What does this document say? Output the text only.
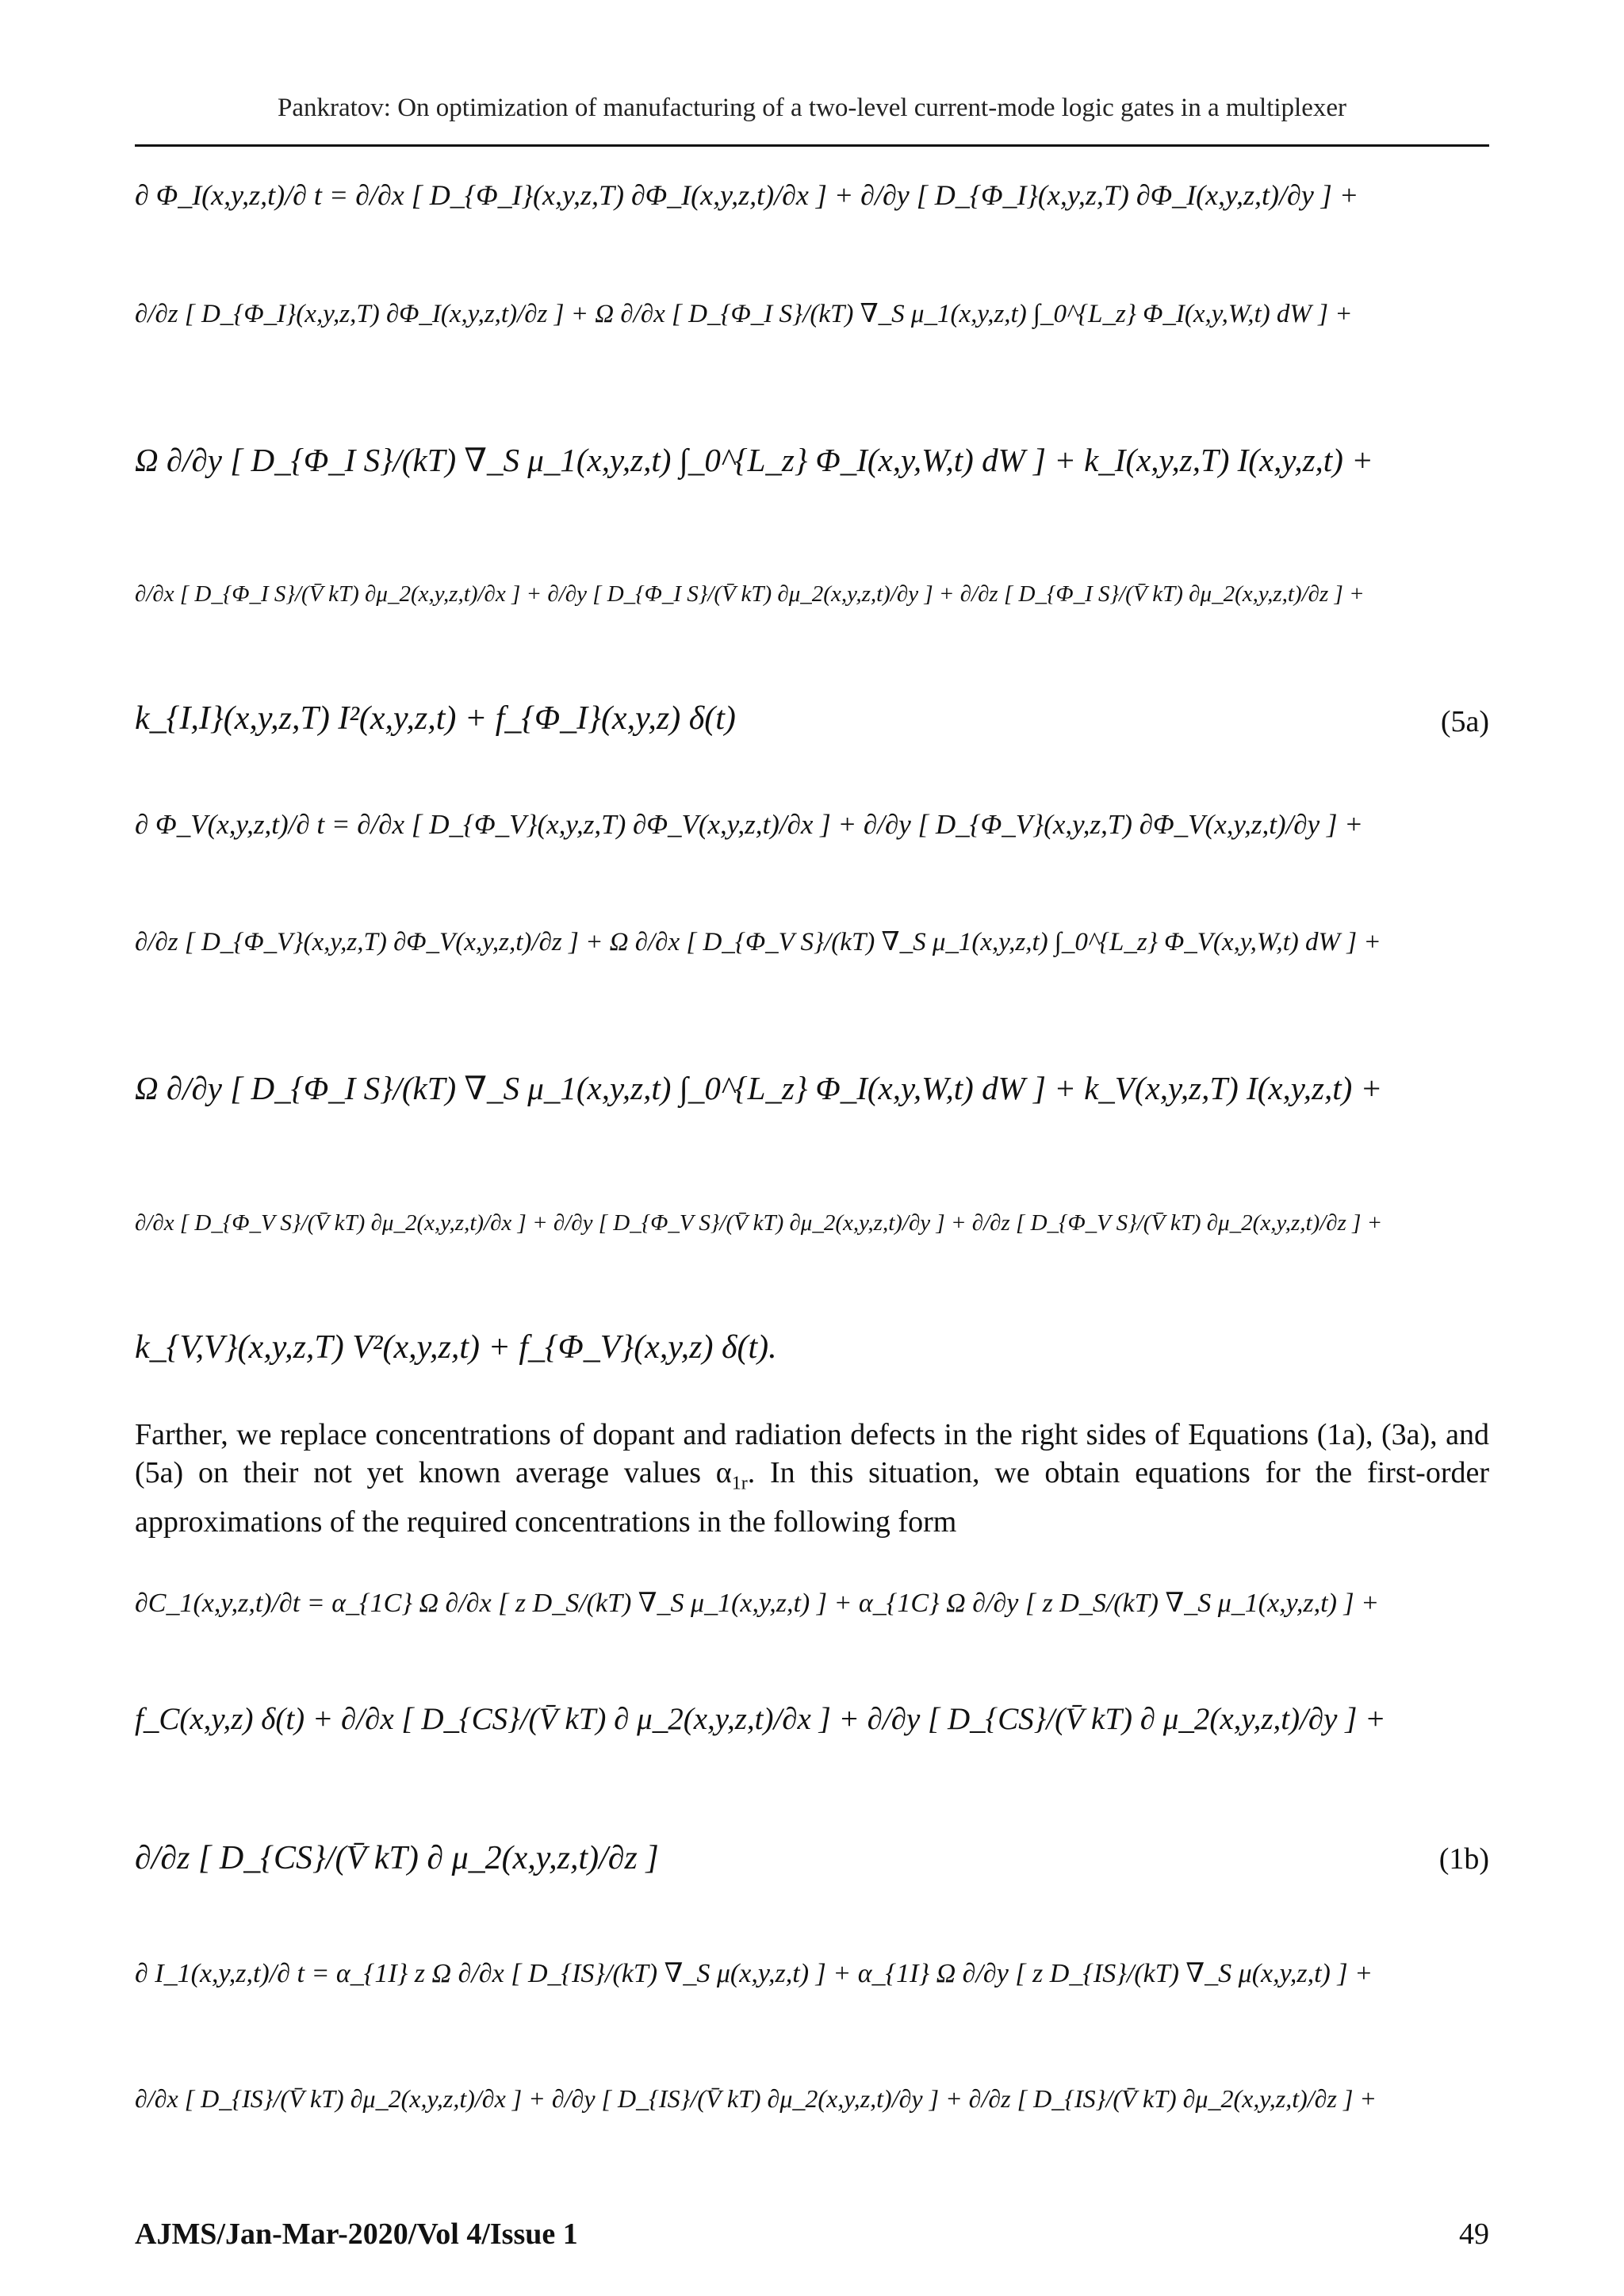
Pankratov: On optimization of manufacturing of a two-level current-mode logic gates in a multiplexer
∂ Φ_I(x,y,z,t)/∂ t = ∂/∂x [ D_{Φ_I}(x,y,z,T) ∂Φ_I(x,y,z,t)/∂x ] + ∂/∂y [ D_{Φ_I}(x,y,z,T) ∂Φ_I(x,y,z,t)/∂y ] +
∂/∂z [ D_{Φ_I}(x,y,z,T) ∂Φ_I(x,y,z,t)/∂z ] + Ω ∂/∂x [ D_{Φ_I S}/(kT) ∇_S μ_1(x,y,z,t) ∫_0^{L_z} Φ_I(x,y,W,t) dW ] +
Ω ∂/∂y [ D_{Φ_I S}/(kT) ∇_S μ_1(x,y,z,t) ∫_0^{L_z} Φ_I(x,y,W,t) dW ] + k_I(x,y,z,T) I(x,y,z,t) +
∂/∂x [ D_{Φ_I S}/(V̄ kT) ∂μ_2(x,y,z,t)/∂x ] + ∂/∂y [ D_{Φ_I S}/(V̄ kT) ∂μ_2(x,y,z,t)/∂y ] + ∂/∂z [ D_{Φ_I S}/(V̄ kT) ∂μ_2(x,y,z,t)/∂z ] +
k_{I,I}(x,y,z,T) I²(x,y,z,t) + f_{Φ_I}(x,y,z) δ(t)	(5a)
∂ Φ_V(x,y,z,t)/∂ t = ∂/∂x [ D_{Φ_V}(x,y,z,T) ∂Φ_V(x,y,z,t)/∂x ] + ∂/∂y [ D_{Φ_V}(x,y,z,T) ∂Φ_V(x,y,z,t)/∂y ] +
∂/∂z [ D_{Φ_V}(x,y,z,T) ∂Φ_V(x,y,z,t)/∂z ] + Ω ∂/∂x [ D_{Φ_V S}/(kT) ∇_S μ_1(x,y,z,t) ∫_0^{L_z} Φ_V(x,y,W,t) dW ] +
Ω ∂/∂y [ D_{Φ_I S}/(kT) ∇_S μ_1(x,y,z,t) ∫_0^{L_z} Φ_I(x,y,W,t) dW ] + k_V(x,y,z,T) I(x,y,z,t) +
∂/∂x [ D_{Φ_V S}/(V̄ kT) ∂μ_2(x,y,z,t)/∂x ] + ∂/∂y [ D_{Φ_V S}/(V̄ kT) ∂μ_2(x,y,z,t)/∂y ] + ∂/∂z [ D_{Φ_V S}/(V̄ kT) ∂μ_2(x,y,z,t)/∂z ] +
k_{V,V}(x,y,z,T) V²(x,y,z,t) + f_{Φ_V}(x,y,z) δ(t).

Farther, we replace concentrations of dopant and radiation defects in the right sides of Equations (1a), (3a), and (5a) on their not yet known average values $\alpha_{1r}$. In this situation, we obtain equations for the first-order approximations of the required concentrations in the following form

∂C_1(x,y,z,t)/∂t = α_{1C} Ω ∂/∂x [ z D_S/(kT) ∇_S μ_1(x,y,z,t) ] + α_{1C} Ω ∂/∂y [ z D_S/(kT) ∇_S μ_1(x,y,z,t) ] +
f_C(x,y,z) δ(t) + ∂/∂x [ D_{CS}/(V̄ kT) ∂ μ_2(x,y,z,t)/∂x ] + ∂/∂y [ D_{CS}/(V̄ kT) ∂ μ_2(x,y,z,t)/∂y ] +
∂/∂z [ D_{CS}/(V̄ kT) ∂ μ_2(x,y,z,t)/∂z ]	(1b)
∂ I_1(x,y,z,t)/∂ t = α_{1I} z Ω ∂/∂x [ D_{IS}/(kT) ∇_S μ(x,y,z,t) ] + α_{1I} Ω ∂/∂y [ z D_{IS}/(kT) ∇_S μ(x,y,z,t) ] +
∂/∂x [ D_{IS}/(V̄ kT) ∂μ_2(x,y,z,t)/∂x ] + ∂/∂y [ D_{IS}/(V̄ kT) ∂μ_2(x,y,z,t)/∂y ] + ∂/∂z [ D_{IS}/(V̄ kT) ∂μ_2(x,y,z,t)/∂z ] +
AJMS/Jan-Mar-2020/Vol 4/Issue 1	49
